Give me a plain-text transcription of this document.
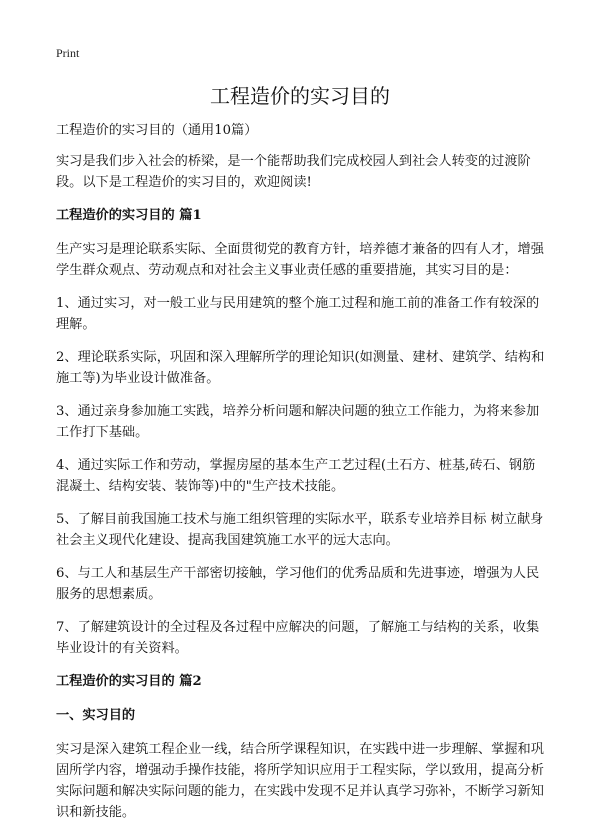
Print
工程造价的实习目的

工程造价的实习目的（通用10篇）

实习是我们步入社会的桥梁，是一个能帮助我们完成校园人到社会人转变的过渡阶段。以下是工程造价的实习目的，欢迎阅读!

工程造价的实习目的 篇1

生产实习是理论联系实际、全面贯彻党的教育方针，培养德才兼备的四有人才，增强学生群众观点、劳动观点和对社会主义事业责任感的重要措施，其实习目的是：

1、通过实习，对一般工业与民用建筑的整个施工过程和施工前的准备工作有较深的理解。

2、理论联系实际，巩固和深入理解所学的理论知识(如测量、建材、建筑学、结构和施工等)为毕业设计做准备。

3、通过亲身参加施工实践，培养分析问题和解决问题的独立工作能力，为将来参加工作打下基础。

4、通过实际工作和劳动，掌握房屋的基本生产工艺过程(土石方、桩基,砖石、钢筋混凝土、结构安装、装饰等)中的"生产技术技能。

5、了解目前我国施工技术与施工组织管理的实际水平，联系专业培养目标 树立献身社会主义现代化建设、提高我国建筑施工水平的远大志向。

6、与工人和基层生产干部密切接触，学习他们的优秀品质和先进事迹，增强为人民服务的思想素质。

7、了解建筑设计的全过程及各过程中应解决的问题，了解施工与结构的关系，收集毕业设计的有关资料。

工程造价的实习目的 篇2
一、实习目的

实习是深入建筑工程企业一线，结合所学课程知识，在实践中进一步理解、掌握和巩固所学内容，增强动手操作技能，将所学知识应用于工程实际，学以致用，提高分析实际问题和解决实际问题的能力，在实践中发现不足并认真学习弥补，不断学习新知识和新技能。
